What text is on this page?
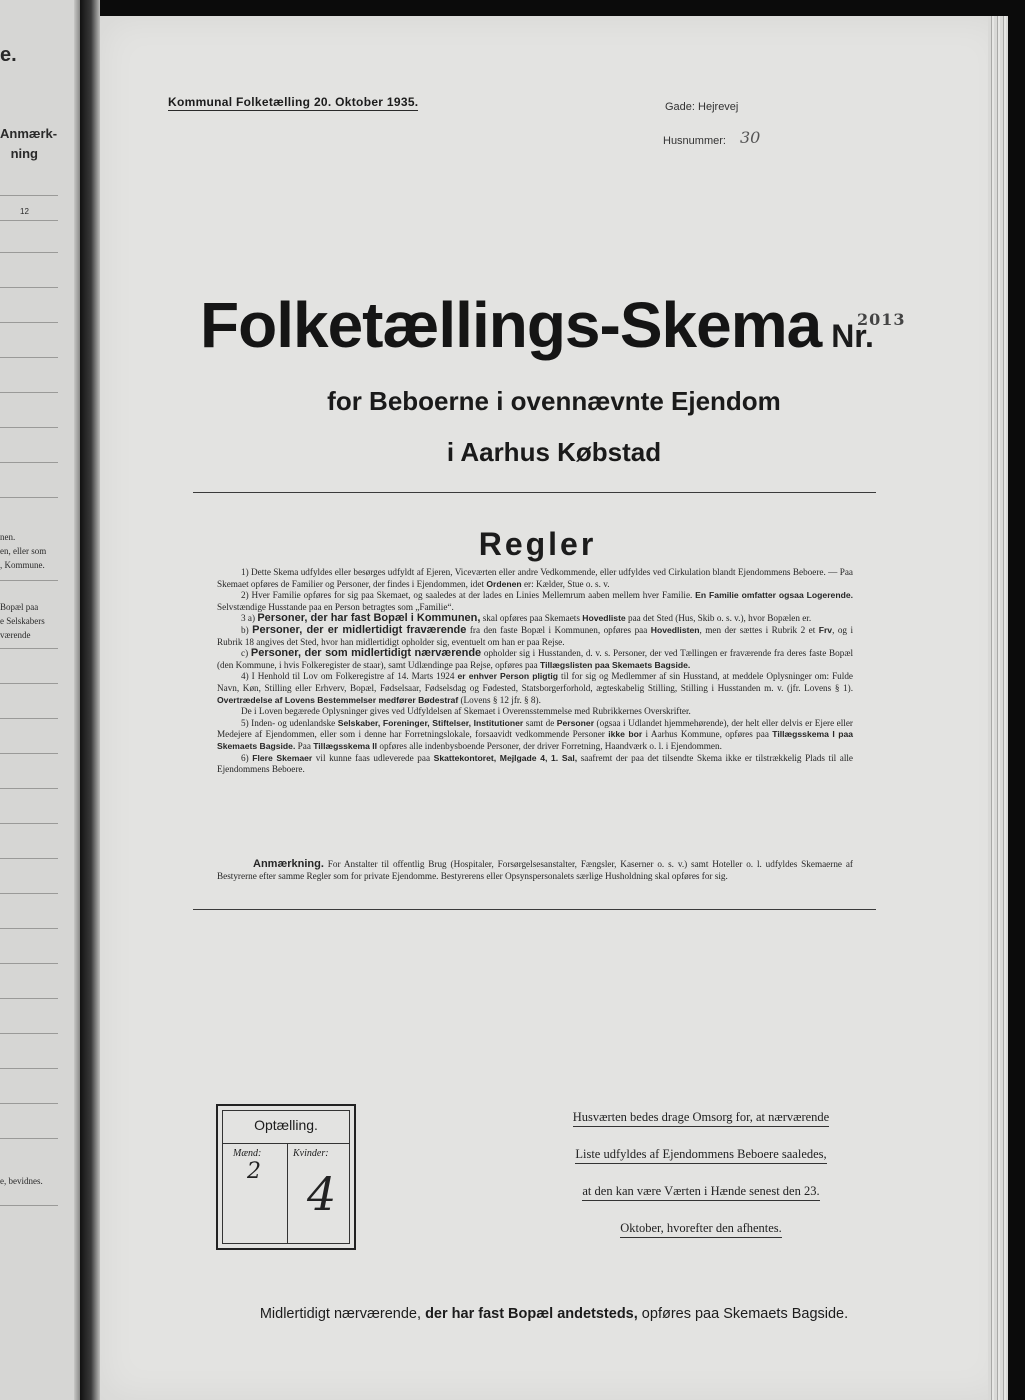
e.
Anmærk-
ning
12
nen.
en, eller som
, Kommune.
Bopæl paa
e Selskabers
værende
e, bevidnes.
Kommunal Folketælling 20. Oktober 1935.	Gade: Hejrevej
Husnummer: 30
Folketællings-Skema Nr.
2013
for Beboerne i ovennævnte Ejendom
i Aarhus Købstad
Regler

1) Dette Skema udfyldes eller besørges udfyldt af Ejeren, Viceværten eller andre Vedkommende, eller udfyldes ved Cirkulation blandt Ejendommens Beboere. — Paa Skemaet opføres de Familier og Personer, der findes i Ejendommen, idet Ordenen er: Kælder, Stue o. s. v.

2) Hver Familie opføres for sig paa Skemaet, og saaledes at der lades en Linies Mellemrum aaben mellem hver Familie. En Familie omfatter ogsaa Logerende. Selvstændige Husstande paa en Person betragtes som „Familie“.

3 a) Personer, der har fast Bopæl i Kommunen, skal opføres paa Skemaets Hovedliste paa det Sted (Hus, Skib o. s. v.), hvor Bopælen er.

b) Personer, der er midlertidigt fraværende fra den faste Bopæl i Kommunen, opføres paa Hovedlisten, men der sættes i Rubrik 2 et Frv, og i Rubrik 18 angives det Sted, hvor han midlertidigt opholder sig, eventuelt om han er paa Rejse.

c) Personer, der som midlertidigt nærværende opholder sig i Husstanden, d. v. s. Personer, der ved Tællingen er fraværende fra deres faste Bopæl (den Kommune, i hvis Folkeregister de staar), samt Udlændinge paa Rejse, opføres paa Tillægslisten paa Skemaets Bagside.

4) I Henhold til Lov om Folkeregistre af 14. Marts 1924 er enhver Person pligtig til for sig og Medlemmer af sin Husstand, at meddele Oplysninger om: Fulde Navn, Køn, Stilling eller Erhverv, Bopæl, Fødselsaar, Fødselsdag og Fødested, Statsborgerforhold, ægteskabelig Stilling, Stilling i Husstanden m. v. (jfr. Lovens § 1). Overtrædelse af Lovens Bestemmelser medfører Bødestraf (Lovens § 12 jfr. § 8).

De i Loven begærede Oplysninger gives ved Udfyldelsen af Skemaet i Overensstemmelse med Rubrikkernes Overskrifter.

5) Inden- og udenlandske Selskaber, Foreninger, Stiftelser, Institutioner samt de Personer (ogsaa i Udlandet hjemmehørende), der helt eller delvis er Ejere eller Medejere af Ejendommen, eller som i denne har Forretningslokale, forsaavidt vedkommende Personer ikke bor i Aarhus Kommune, opføres paa Tillægsskema I paa Skemaets Bagside. Paa Tillægsskema II opføres alle indenbysboende Personer, der driver Forretning, Haandværk o. l. i Ejendommen.

6) Flere Skemaer vil kunne faas udleverede paa Skattekontoret, Mejlgade 4, 1. Sal, saafremt der paa det tilsendte Skema ikke er tilstrækkelig Plads til alle Ejendommens Beboere.

Anmærkning. For Anstalter til offentlig Brug (Hospitaler, Forsørgelsesanstalter, Fængsler, Kaserner o. s. v.) samt Hoteller o. l. udfyldes Skemaerne af Bestyrerne efter samme Regler som for private Ejendomme. Bestyrerens eller Opsynspersonalets særlige Husholdning skal opføres for sig.

Optælling.
Mænd:	Kvinder:
2 4
Husværten bedes drage Omsorg for, at nærværende
Liste udfyldes af Ejendommens Beboere saaledes,
at den kan være Værten i Hænde senest den 23.
Oktober, hvorefter den afhentes.
Midlertidigt nærværende, der har fast Bopæl andetsteds, opføres paa Skemaets Bagside.
